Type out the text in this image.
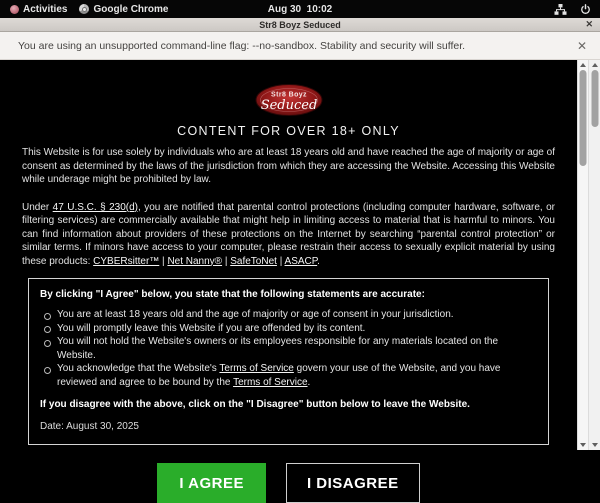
Activities	Google Chrome	Aug 30  10:02
Str8 Boyz Seduced	✕
You are using an unsupported command-line flag: --no-sandbox. Stability and security will suffer.	✕
Str8 Boyz
Seduced
CONTENT FOR OVER 18+ ONLY

This Website is for use solely by individuals who are at least 18 years old and have reached the age of majority or age of consent as determined by the laws of the jurisdiction from which they are accessing the Website. Accessing this Website while underage might be prohibited by law.

Under 47 U.S.C. § 230(d), you are notified that parental control protections (including computer hardware, software, or filtering services) are commercially available that might help in limiting access to material that is harmful to minors. You can find information about providers of these protections on the Internet by searching “parental control protection” or similar terms. If minors have access to your computer, please restrain their access to sexually explicit material by using these products: CYBERsitter™ | Net Nanny® | SafeToNet | ASACP.

By clicking "I Agree" below, you state that the following statements are accurate:
You are at least 18 years old and the age of majority or age of consent in your jurisdiction.
You will promptly leave this Website if you are offended by its content.
You will not hold the Website's owners or its employees responsible for any materials located on the Website.
You acknowledge that the Website's Terms of Service govern your use of the Website, and you have reviewed and agree to be bound by the Terms of Service.
If you disagree with the above, click on the "I Disagree" button below to leave the Website.
Date: August 30, 2025
I AGREE	I DISAGREE
